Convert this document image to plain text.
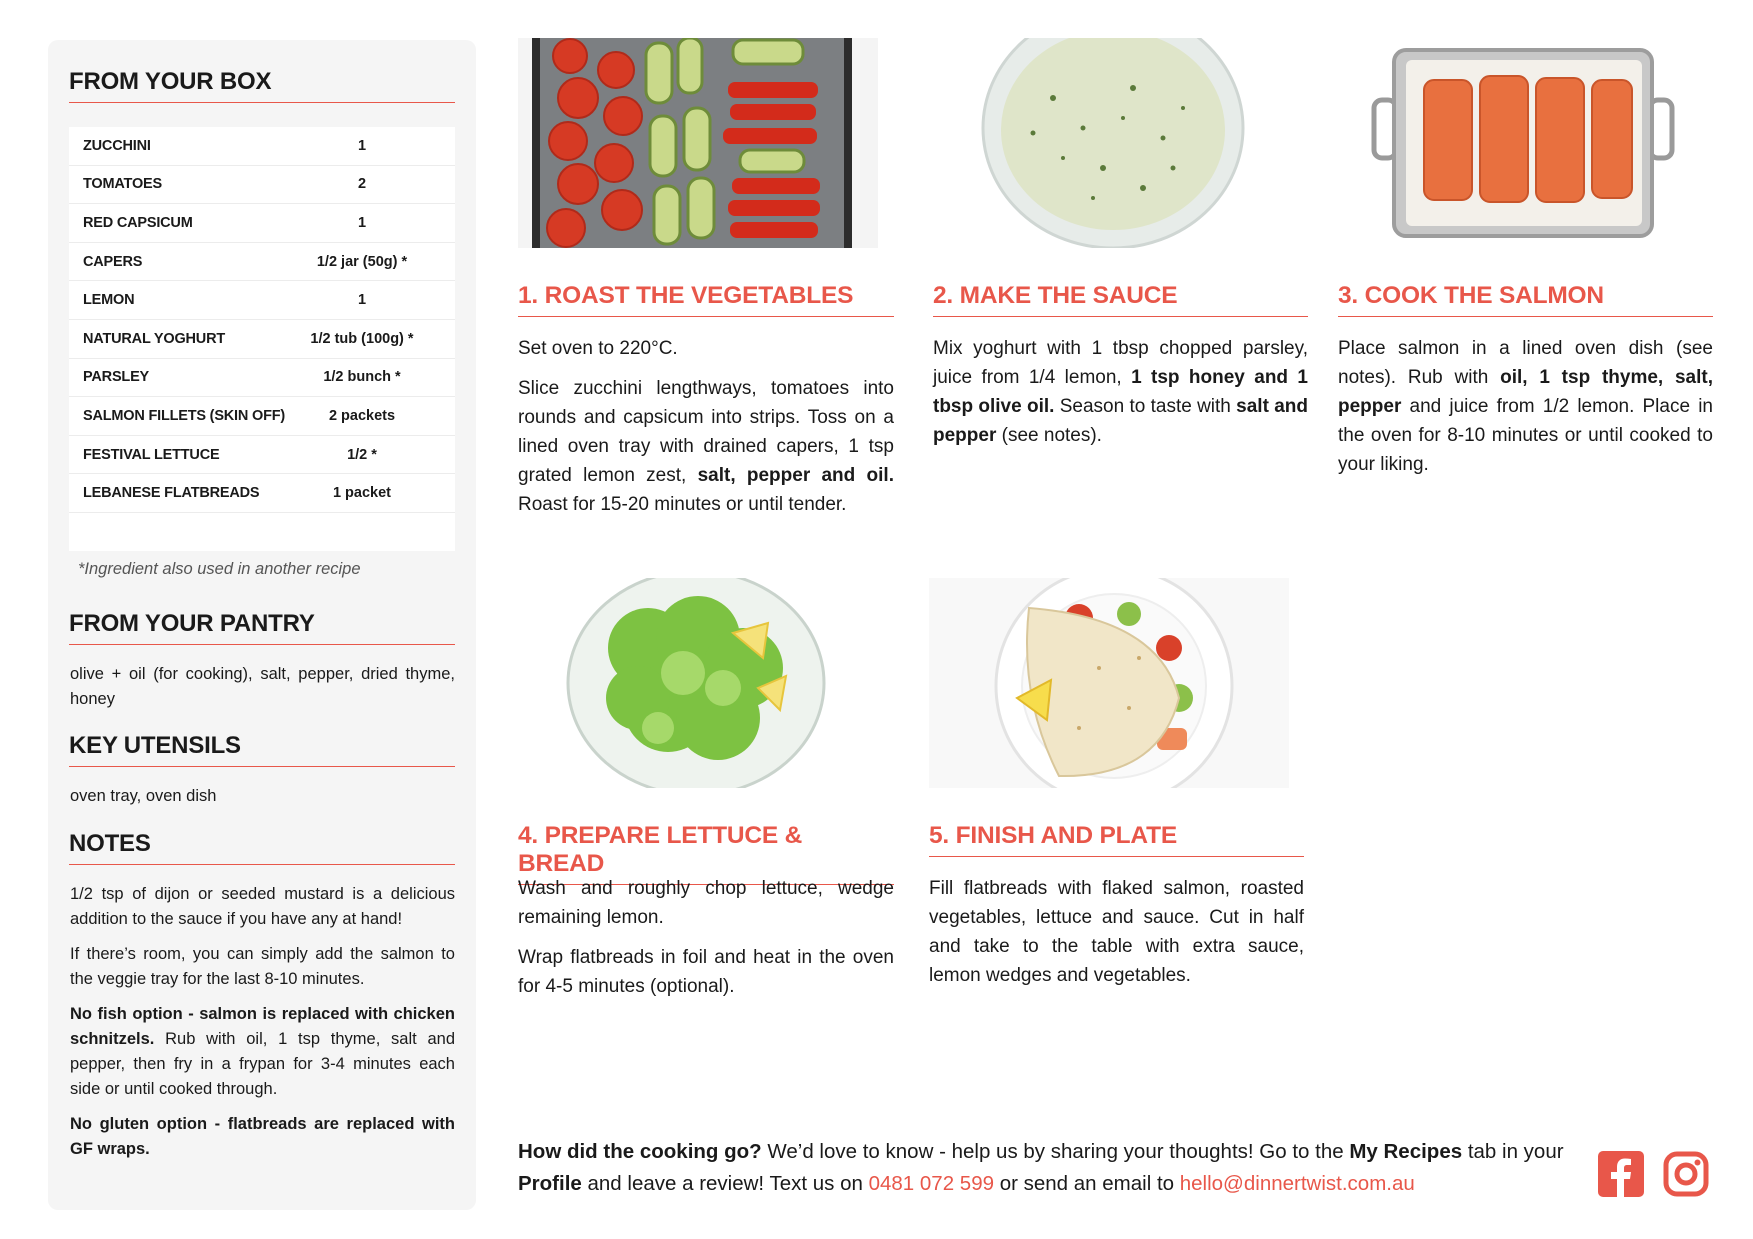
FROM YOUR BOX
ZUCCHINI	1
TOMATOES	2
RED CAPSICUM	1
CAPERS	1/2 jar (50g) *
LEMON	1
NATURAL YOGHURT	1/2 tub (100g) *
PARSLEY	1/2 bunch *
SALMON FILLETS (SKIN OFF)	2 packets
FESTIVAL LETTUCE	1/2 *
LEBANESE FLATBREADS	1 packet
*Ingredient also used in another recipe
FROM YOUR PANTRY

olive + oil (for cooking), salt, pepper, dried thyme, honey

KEY UTENSILS

oven tray, oven dish

NOTES

1/2 tsp of dijon or seeded mustard is a delicious addition to the sauce if you have any at hand!

If there’s room, you can simply add the salmon to the veggie tray for the last 8-10 minutes.

No fish option - salmon is replaced with chicken schnitzels. Rub with oil, 1 tsp thyme, salt and pepper, then fry in a frypan for 3-4 minutes each side or until cooked through.

No gluten option - flatbreads are replaced with GF wraps.

1. ROAST THE VEGETABLES

Set oven to 220°C.

Slice zucchini lengthways, tomatoes into rounds and capsicum into strips. Toss on a lined oven tray with drained capers, 1 tsp grated lemon zest, salt, pepper and oil. Roast for 15-20 minutes or until tender.

2. MAKE THE SAUCE

Mix yoghurt with 1 tbsp chopped parsley, juice from 1/4 lemon, 1 tsp honey and 1 tbsp olive oil. Season to taste with salt and pepper (see notes).

3. COOK THE SALMON

Place salmon in a lined oven dish (see notes). Rub with oil, 1 tsp thyme, salt, pepper and juice from 1/2 lemon. Place in the oven for 8-10 minutes or until cooked to your liking.

4. PREPARE LETTUCE & BREAD

Wash and roughly chop lettuce, wedge remaining lemon.

Wrap flatbreads in foil and heat in the oven for 4-5 minutes (optional).

5. FINISH AND PLATE

Fill flatbreads with flaked salmon, roasted vegetables, lettuce and sauce. Cut in half and take to the table with extra sauce, lemon wedges and vegetables.

How did the cooking go? We’d love to know - help us by sharing your thoughts! Go to the My Recipes tab in your Profile and leave a review! Text us on 0481 072 599 or send an email to hello@dinnertwist.com.au
